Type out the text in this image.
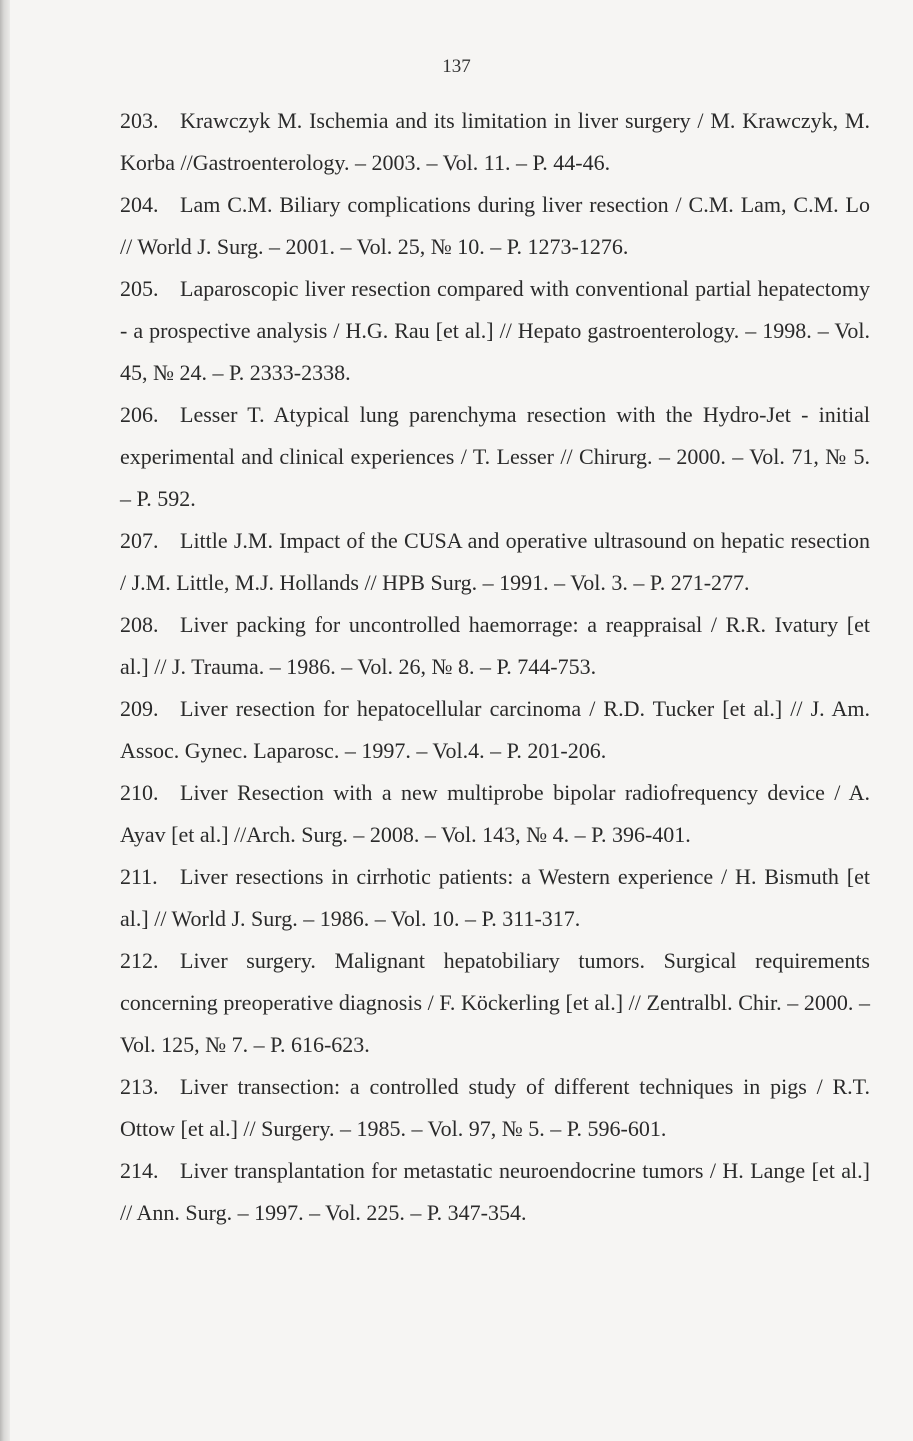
137
203. Krawczyk M. Ischemia and its limitation in liver surgery / M. Krawczyk, M. Korba //Gastroenterology. – 2003. – Vol. 11. – P. 44-46.
204. Lam C.M. Biliary complications during liver resection / C.M. Lam, C.M. Lo // World J. Surg. – 2001. – Vol. 25, № 10. – P. 1273-1276.
205. Laparoscopic liver resection compared with conventional partial hepatectomy - a prospective analysis / H.G. Rau [et al.] // Hepato gastroenterology. – 1998. – Vol. 45, № 24. – P. 2333-2338.
206. Lesser T. Atypical lung parenchyma resection with the Hydro-Jet - initial experimental and clinical experiences / T. Lesser // Chirurg. – 2000. – Vol. 71, № 5. – P. 592.
207. Little J.M. Impact of the CUSA and operative ultrasound on hepatic resection / J.M. Little, M.J. Hollands // HPB Surg. – 1991. – Vol. 3. – P. 271-277.
208. Liver packing for uncontrolled haemorrage: a reappraisal / R.R. Ivatury [et al.] // J. Trauma. – 1986. – Vol. 26, № 8. – P. 744-753.
209. Liver resection for hepatocellular carcinoma / R.D. Tucker [et al.] // J. Am. Assoc. Gynec. Laparosc. – 1997. – Vol.4. – P. 201-206.
210. Liver Resection with a new multiprobe bipolar radiofrequency device / A. Ayav [et al.] //Arch. Surg. – 2008. – Vol. 143, № 4. – P. 396-401.
211. Liver resections in cirrhotic patients: a Western experience / H. Bismuth [et al.] // World J. Surg. – 1986. – Vol. 10. – P. 311-317.
212. Liver surgery. Malignant hepatobiliary tumors. Surgical requirements concerning preoperative diagnosis / F. Köckerling [et al.] // Zentralbl. Chir. – 2000. – Vol. 125, № 7. – P. 616-623.
213. Liver transection: a controlled study of different techniques in pigs / R.T. Ottow [et al.] // Surgery. – 1985. – Vol. 97, № 5. – P. 596-601.
214. Liver transplantation for metastatic neuroendocrine tumors / H. Lange [et al.] // Ann. Surg. – 1997. – Vol. 225. – P. 347-354.
